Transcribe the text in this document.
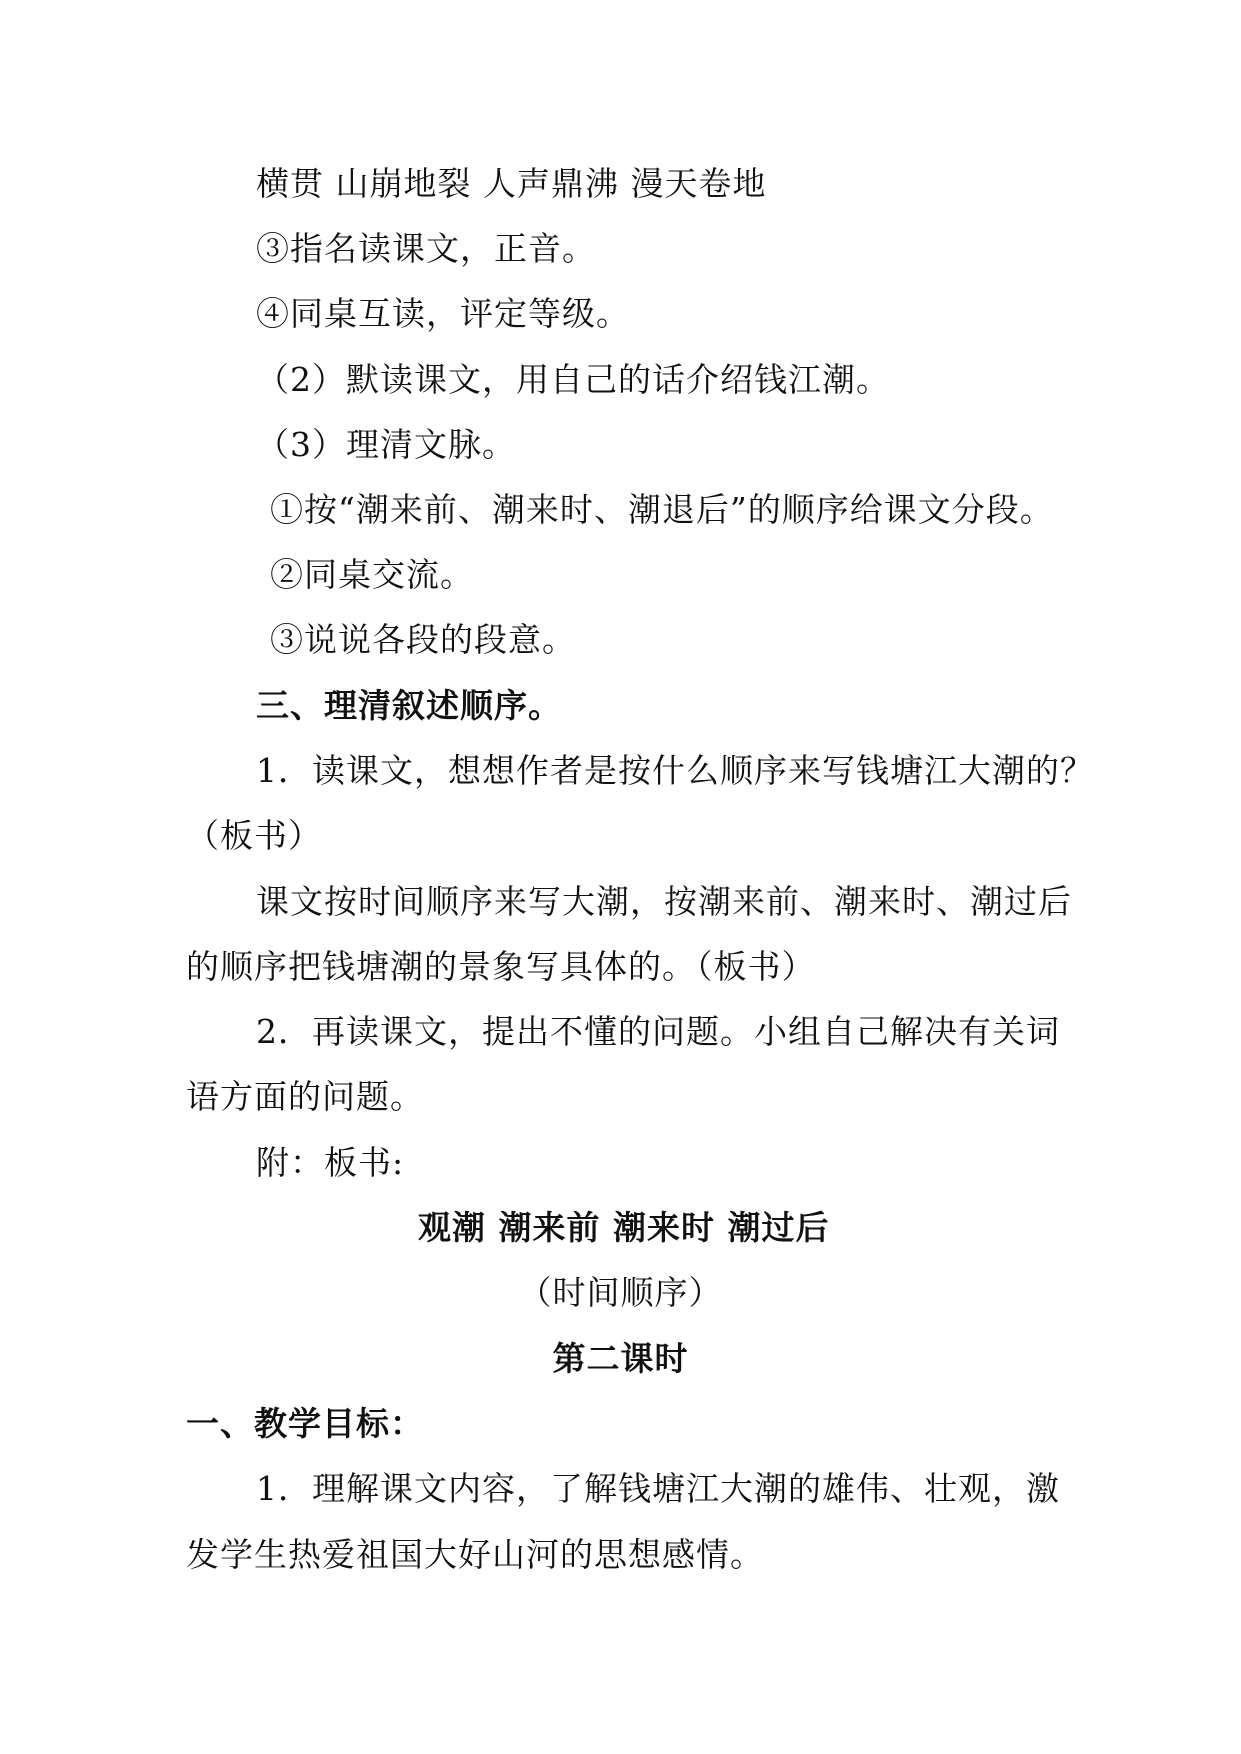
横贯 山崩地裂 人声鼎沸 漫天卷地
③指名读课文，正音。
④同桌互读，评定等级。
（2）默读课文，用自己的话介绍钱江潮。
（3）理清文脉。
①按“潮来前、潮来时、潮退后”的顺序给课文分段。
②同桌交流。
③说说各段的段意。
三、理清叙述顺序。
1．读课文，想想作者是按什么顺序来写钱塘江大潮的？
（板书）
课文按时间顺序来写大潮，按潮来前、潮来时、潮过后
的顺序把钱塘潮的景象写具体的。（板书）
2．再读课文，提出不懂的问题。小组自己解决有关词
语方面的问题。
附：板书:
观潮 潮来前 潮来时 潮过后
（时间顺序）
第二课时
一、教学目标：
1．理解课文内容，了解钱塘江大潮的雄伟、壮观，激
发学生热爱祖国大好山河的思想感情。
